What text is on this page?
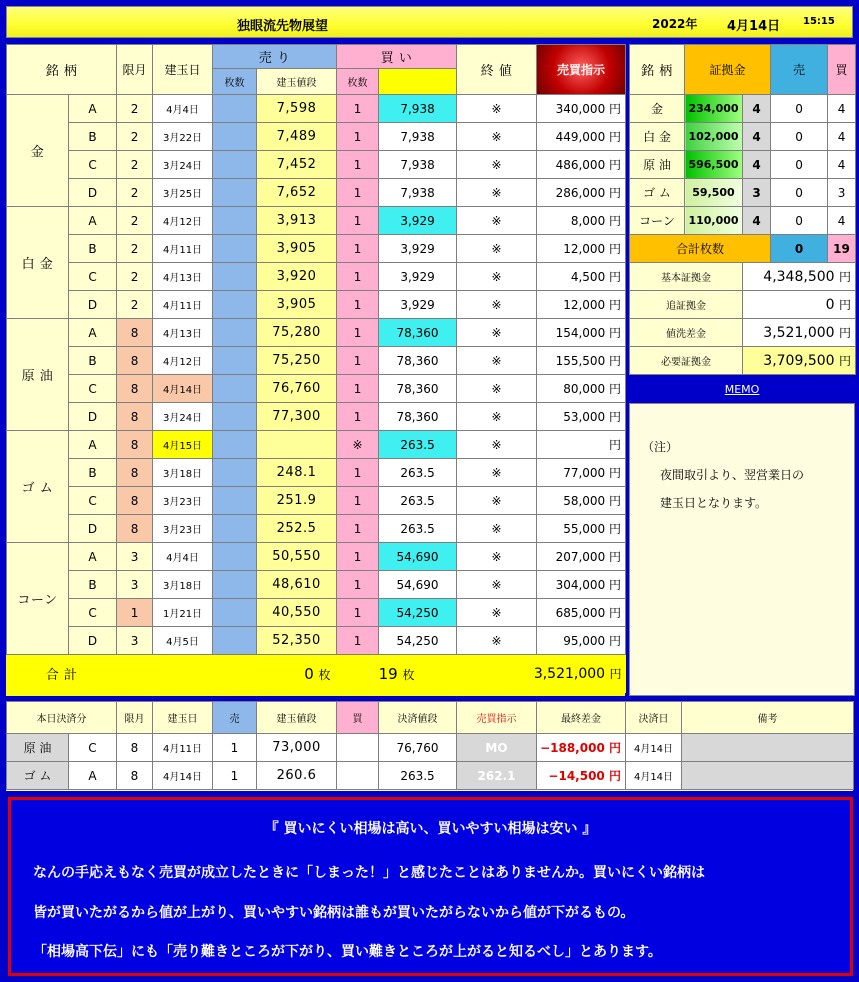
独眼流先物展望	2022年 4月14日 15:15
銘 柄		限月	建玉日	売 り		買 い		終 値	売買指示	
				枚数	建玉値段	枚数				
金	A	2	4月4日		7,598	1	7,938	※	340,000 円	
	B	2	3月22日		7,489	1	7,938	※	449,000 円	
	C	2	3月24日		7,452	1	7,938	※	486,000 円	
	D	2	3月25日		7,652	1	7,938	※	286,000 円	
白 金	A	2	4月12日		3,913	1	3,929	※	8,000 円	
	B	2	4月11日		3,905	1	3,929	※	12,000 円	
	C	2	4月13日		3,920	1	3,929	※	4,500 円	
	D	2	4月11日		3,905	1	3,929	※	12,000 円	
原 油	A	8	4月13日		75,280	1	78,360	※	154,000 円	
	B	8	4月12日		75,250	1	78,360	※	155,500 円	
	C	8	4月14日		76,760	1	78,360	※	80,000 円	
	D	8	3月24日		77,300	1	78,360	※	53,000 円	
ゴ ム	A	8	4月15日			※	263.5	※	円	
	B	8	3月18日		248.1	1	263.5	※	77,000 円	
	C	8	3月23日		251.9	1	263.5	※	58,000 円	
	D	8	3月23日		252.5	1	263.5	※	55,000 円	
コーン	A	3	4月4日		50,550	1	54,690	※	207,000 円	
	B	3	3月18日		48,610	1	54,690	※	304,000 円	
	C	1	1月21日		40,550	1	54,250	※	685,000 円	
	D	3	4月5日		52,350	1	54,250	※	95,000 円	
合 計		0 枚				19 枚		3,521,000 円		
銘 柄	証拠金		売	買
金	234,000	4	0	4
白 金	102,000	4	0	4
原 油	596,500	4	0	4
ゴ ム	59,500	3	0	3
コーン	110,000	4	0	4
合計枚数			0	19
基本証拠金		4,348,500 円		
追証拠金		0 円		
値洗差金		3,521,000 円		
必要証拠金		3,709,500 円		
MEMO
（注）
夜間取引より、翌営業日の
建玉日となります。
本日決済分		限月	建玉日	売	建玉値段	買	決済値段	売買指示	最終差金	決済日	備考
原 油	C	8	4月11日	1	73,000		76,760	MO	−188,000 円	4月14日	
ゴ ム	A	8	4月14日	1	260.6		263.5	262.1	−14,500 円	4月14日	
『 買いにくい相場は高い、買いやすい相場は安い 』
なんの手応えもなく売買が成立したときに「しまった！」と感じたことはありませんか。買いにくい銘柄は
皆が買いたがるから値が上がり、買いやすい銘柄は誰もが買いたがらないから値が下がるもの。
「相場高下伝」にも「売り難きところが下がり、買い難きところが上がると知るべし」とあります。
